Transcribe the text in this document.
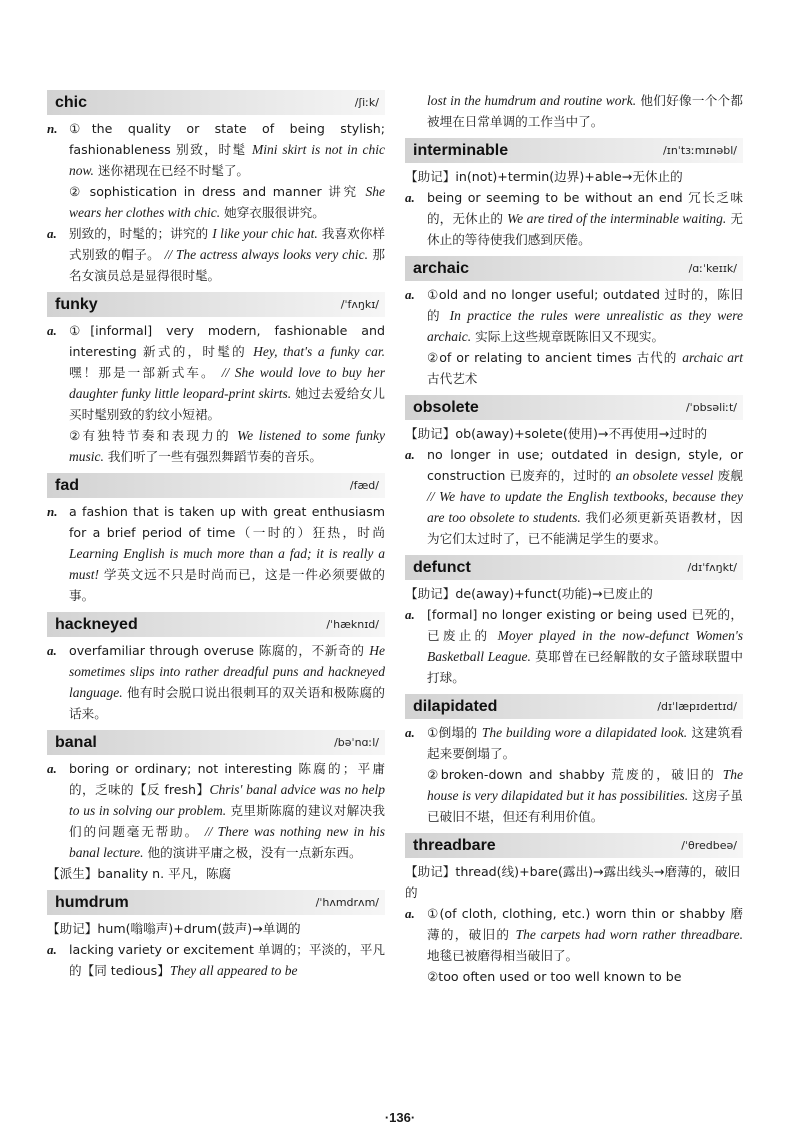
chic	/ʃiːk/
n. ①the quality or state of being stylish; fashionableness 别致，时髦 Mini skirt is not in chic now. 迷你裙现在已经不时髦了。
② sophistication in dress and manner 讲究 She wears her clothes with chic. 她穿衣服很讲究。
a. 别致的，时髦的；讲究的 I like your chic hat. 我喜欢你样式别致的帽子。 // The actress always looks very chic. 那名女演员总是显得很时髦。
funky	/ˈfʌŋkɪ/
a. ①[informal] very modern, fashionable and interesting 新式的，时髦的 Hey, that's a funky car. 嘿！那是一部新式车。 // She would love to buy her daughter funky little leopard-print skirts. 她过去爱给女儿买时髦别致的豹纹小短裙。
②有独特节奏和表现力的 We listened to some funky music. 我们听了一些有强烈舞蹈节奏的音乐。
fad	/fæd/
n. a fashion that is taken up with great enthusiasm for a brief period of time（一时的）狂热，时尚 Learning English is much more than a fad; it is really a must! 学英文远不只是时尚而已，这是一件必须要做的事。
hackneyed	/ˈhæknɪd/
a. overfamiliar through overuse 陈腐的，不新奇的 He sometimes slips into rather dreadful puns and hackneyed language. 他有时会脱口说出很刺耳的双关语和极陈腐的话来。
banal	/bəˈnɑːl/
a. boring or ordinary; not interesting 陈腐的；平庸的，乏味的【反 fresh】Chris' banal advice was no help to us in solving our problem. 克里斯陈腐的建议对解决我们的问题毫无帮助。 // There was nothing new in his banal lecture. 他的演讲平庸之极，没有一点新东西。
【派生】banality n. 平凡，陈腐
humdrum	/ˈhʌmdrʌm/
【助记】hum(嗡嗡声)+drum(鼓声)→单调的
a. lacking variety or excitement 单调的；平淡的，平凡的【同 tedious】They all appeared to be
lost in the humdrum and routine work. 他们好像一个个都被埋在日常单调的工作当中了。
interminable	/ɪnˈtɜːmɪnəbl/
【助记】in(not)+termin(边界)+able→无休止的
a. being or seeming to be without an end 冗长乏味的，无休止的 We are tired of the interminable waiting. 无休止的等待使我们感到厌倦。
archaic	/ɑːˈkeɪɪk/
a. ①old and no longer useful; outdated 过时的，陈旧的 In practice the rules were unrealistic as they were archaic. 实际上这些规章既陈旧又不现实。
②of or relating to ancient times 古代的 archaic art 古代艺术
obsolete	/ˈɒbsəliːt/
【助记】ob(away)+solete(使用)→不再使用→过时的
a. no longer in use; outdated in design, style, or construction 已废弃的，过时的 an obsolete vessel 废舰 // We have to update the English textbooks, because they are too obsolete to students. 我们必须更新英语教材，因为它们太过时了，已不能满足学生的要求。
defunct	/dɪˈfʌŋkt/
【助记】de(away)+funct(功能)→已废止的
a. [formal] no longer existing or being used 已死的，已废止的 Moyer played in the now-defunct Women's Basketball League. 莫耶曾在已经解散的女子篮球联盟中打球。
dilapidated	/dɪˈlæpɪdeɪtɪd/
a. ①倒塌的 The building wore a dilapidated look. 这建筑看起来要倒塌了。
②broken-down and shabby 荒废的，破旧的 The house is very dilapidated but it has possibilities. 这房子虽已破旧不堪，但还有利用价值。
threadbare	/ˈθredbeə/
【助记】thread(线)+bare(露出)→露出线头→磨薄的，破旧的
a. ①(of cloth, clothing, etc.) worn thin or shabby 磨薄的，破旧的 The carpets had worn rather threadbare. 地毯已被磨得相当破旧了。
②too often used or too well known to be
·136·
